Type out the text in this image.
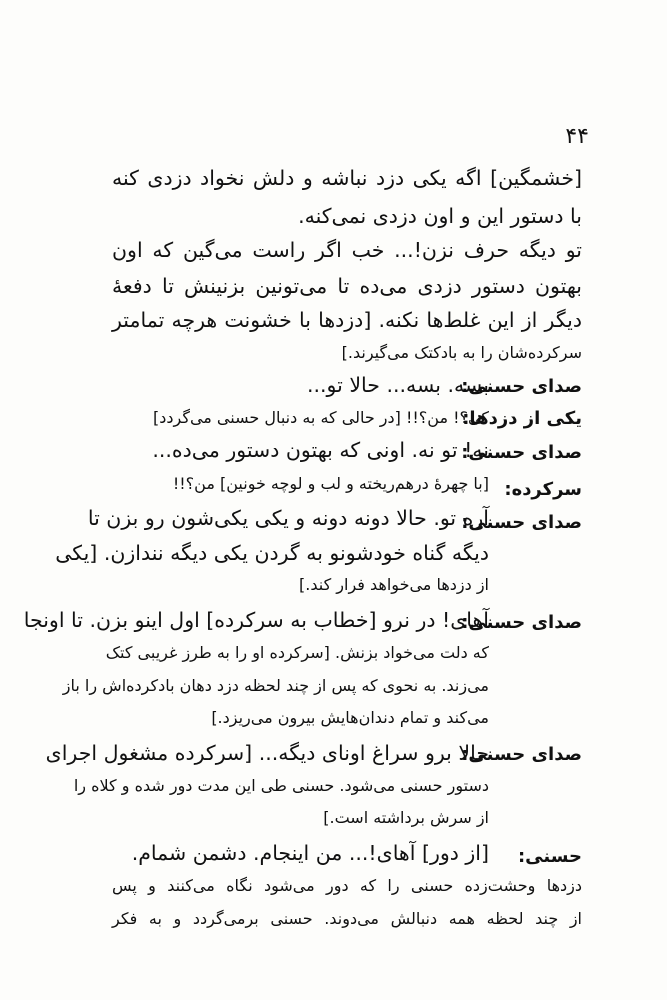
۴۴
[خشمگین] اگه یکی دزد نباشه و دلش نخواد دزدی کنه
با دستور این و اون دزدی نمی‌کنه.
تو دیگه حرف نزن!... خب اگر راست می‌گین که اون
بهتون دستور دزدی می‌ده تا می‌تونین بزنینش تا دفعهٔ
دیگر از این غلط‌ها نکنه. [دزدها با خشونت هرچه تمامتر
سرکرده‌شان را به بادکتک می‌گیرند.]
صدای حسنی:
بسه. بسه... حالا تو...
یکی از دزدها:
کی؟! من؟!! [در حالی که به دنبال حسنی می‌گردد]
صدای حسنی:
نه! تو نه. اونی که بهتون دستور می‌ده...
سرکرده:
[با چهرهٔ درهم‌ریخته و لب و لوچه خونین] من؟!!
صدای حسنی:
آره تو. حالا دونه دونه و یکی یکی‌شون رو بزن تا
دیگه گناه خودشونو به گردن یکی دیگه نندازن. [یکی
از دزدها می‌خواهد فرار کند.]
صدای حسنی:
آهای! در نرو [خطاب به سرکرده] اول اینو بزن. تا اونجا
که دلت می‌خواد بزنش. [سرکرده او را به طرز غریبی کتک
می‌زند. به نحوی که پس از چند لحظه دزد دهان بادکرده‌اش را باز
می‌کند و تمام دندان‌هایش بیرون می‌ریزد.]
صدای حسنی:
حالا برو سراغ اونای دیگه... [سرکرده مشغول اجرای
دستور حسنی می‌شود. حسنی طی این مدت دور شده و کلاه را
از سرش برداشته است.]
حسنی:
[از دور] آهای!... من اینجام. دشمن شمام.
دزدها وحشت‌زده حسنی را که دور می‌شود نگاه می‌کنند و پس
از چند لحظه همه دنبالش می‌دوند. حسنی برمی‌گردد و به فکر
